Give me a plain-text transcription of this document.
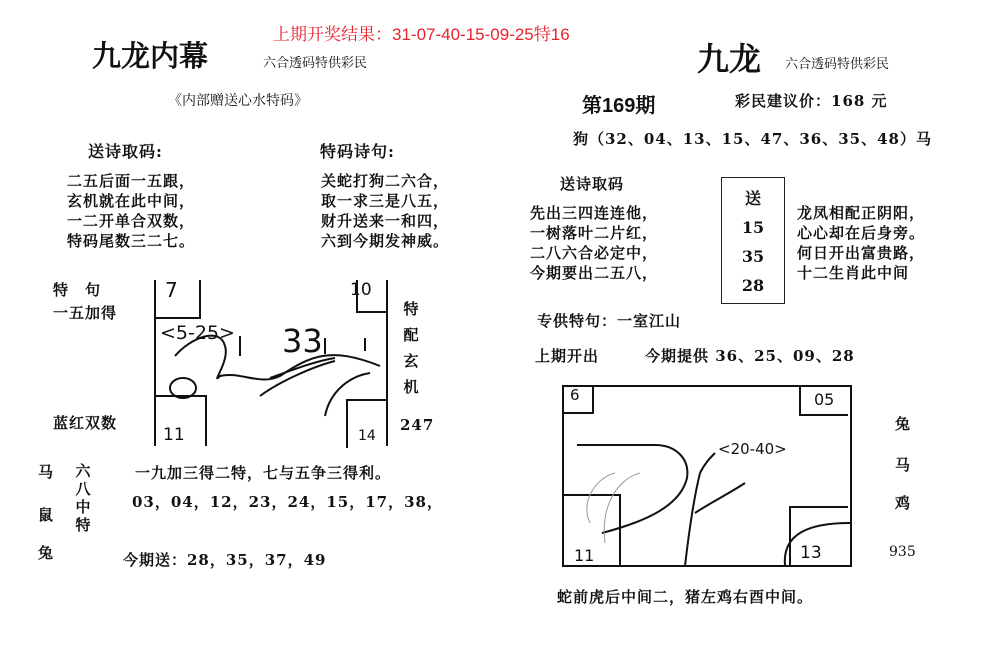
上期开奖结果：31-07-40-15-09-25特16
九龙内幕	六合透码特供彩民
《内部赠送心水特码》
送诗取码:	特码诗句:
二五后面一五跟，
玄机就在此中间，
一二开单合双数，
特码尾数三二七。
关蛇打狗二六合，
取一求三是八五，
财升送来一和四，
六到今期发神威。
特　句
一五加得
蓝红双数
7	10
11	14
<5-25> 33
特配玄机
247
马
鼠
兔
六八中特
一九加三得二特，七与五争三得利。
03，04，12，23，24，15，17，38，
今期送：28，35，37，49
九龙 六合透码特供彩民
第169期	彩民建议价：168 元
狗（32、04、13、15、47、36、35、48）马
送诗取码
先出三四连连他，
一树落叶二片红，
二八六合必定中，
今期要出二五八，
送
15
35
28
龙凤相配正阴阳，
心心却在后身旁。
何日开出富贵路，
十二生肖此中间
专供特句：一室江山
上期开出	今期提供 36、25、09、28
6	05
11	13
<20-40>
兔
马
鸡
935
蛇前虎后中间二，猪左鸡右酉中间。
